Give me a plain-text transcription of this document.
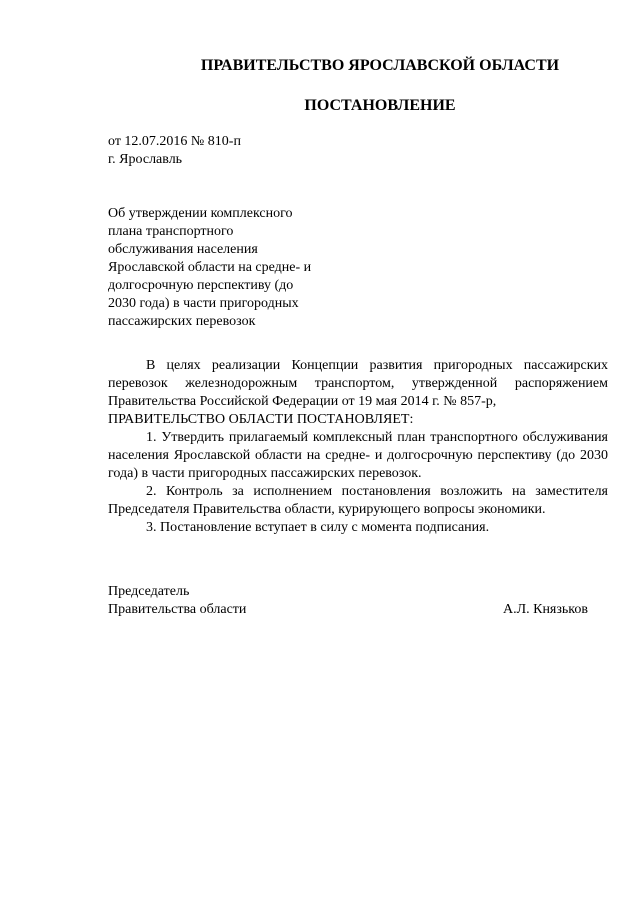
ПРАВИТЕЛЬСТВО ЯРОСЛАВСКОЙ ОБЛАСТИ
ПОСТАНОВЛЕНИЕ
от 12.07.2016 № 810-п
г. Ярославль
Об утверждении комплексного
плана транспортного
обслуживания населения
Ярославской области на средне- и
долгосрочную перспективу (до
2030 года) в части пригородных
пассажирских перевозок
В целях реализации Концепции развития пригородных пассажирских перевозок железнодорожным транспортом, утвержденной распоряжением Правительства Российской Федерации от 19 мая 2014 г. № 857-р,
ПРАВИТЕЛЬСТВО ОБЛАСТИ ПОСТАНОВЛЯЕТ:
1. Утвердить прилагаемый комплексный план транспортного обслуживания населения Ярославской области на средне- и долгосрочную перспективу (до 2030 года) в части пригородных пассажирских перевозок.
2. Контроль за исполнением постановления возложить на заместителя Председателя Правительства области, курирующего вопросы экономики.
3. Постановление вступает в силу с момента подписания.
Председатель
Правительства области	А.Л. Князьков
